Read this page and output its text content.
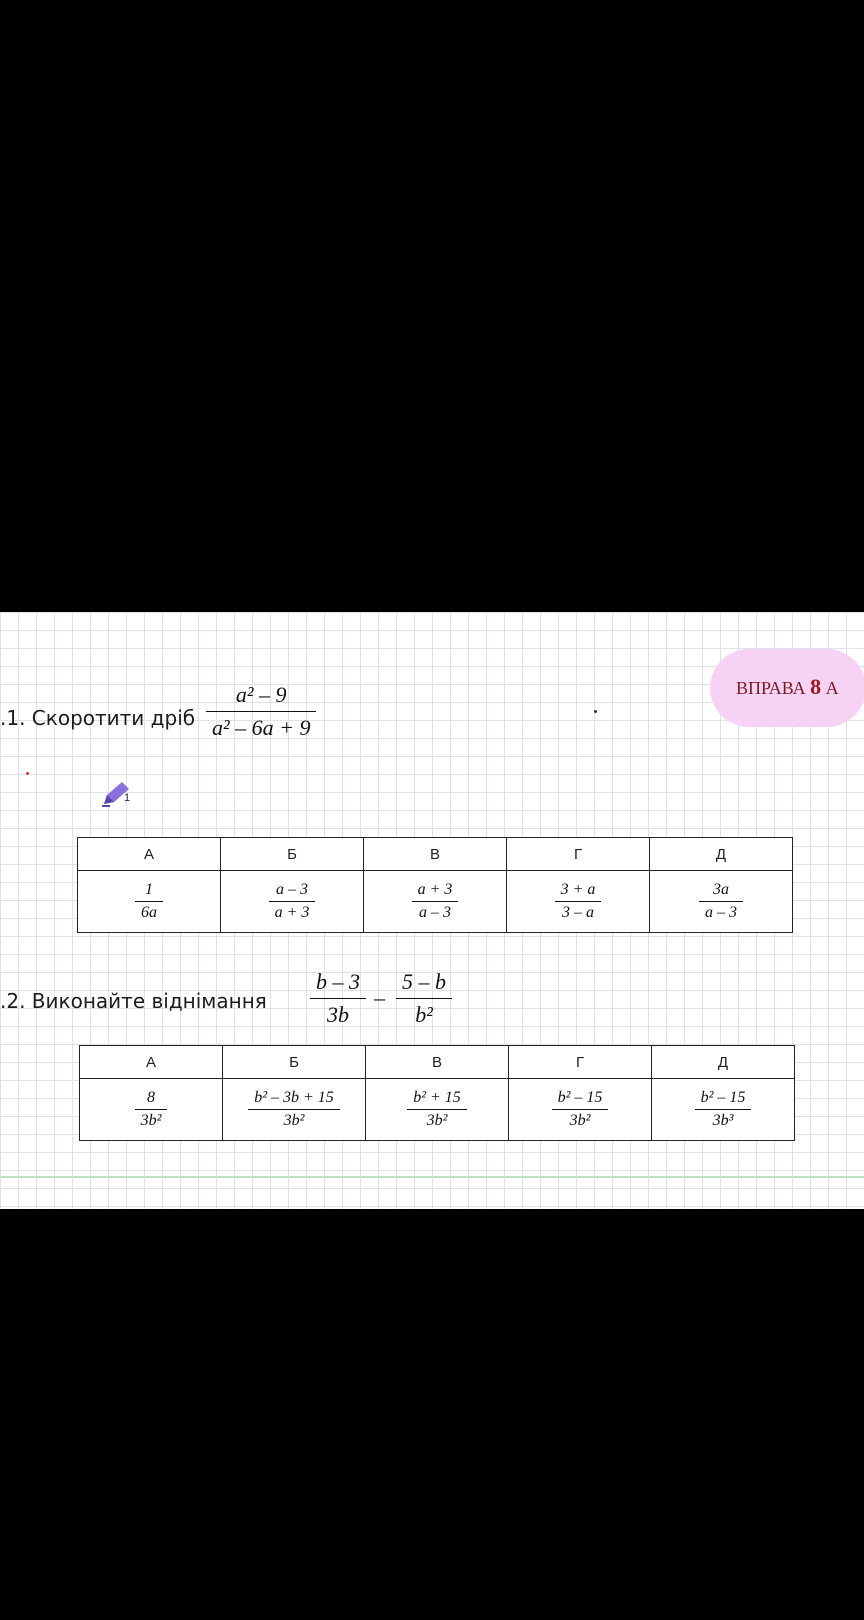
.1. Скоротити дріб
a² – 9
a² – 6a + 9
1
ВПРАВА 8 А
А	Б	В	Г	Д

$\frac{1}{6a}$	$\frac{a - 3}{a + 3}$	$\frac{a + 3}{a - 3}$	$\frac{3 + a}{3 - a}$	$\frac{3a}{a - 3}$
.2. Виконайте віднімання
b – 3
3b
–
5 – b
b²
А	Б	В	Г	Д

$\frac{8}{\text{3b²}}$	$\frac{\text{b² – 3b + 15}}{\text{3b²}}$	$\frac{\text{b² + 15}}{\text{3b²}}$	$\frac{\text{b² – 15}}{\text{3b²}}$	$\frac{\text{b² – 15}}{\text{3b³}}$
